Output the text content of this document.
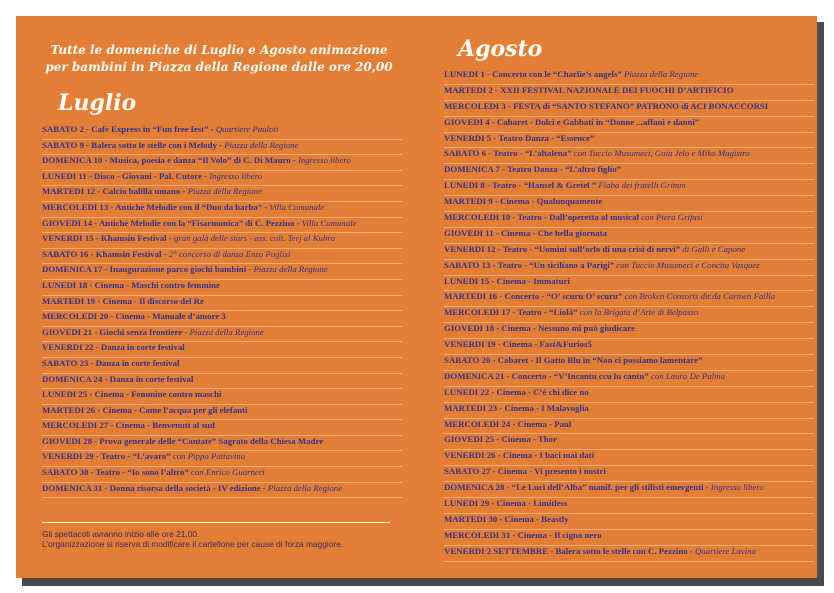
Tutte le domeniche di Luglio e Agosto animazione
per bambini in Piazza della Regione dalle ore 20,00
Luglio
Agosto
SABATO 2 - Cafe Express in “Fun free fest” - Quartiere Pauloti
SABATO 9 - Balera sotto le stelle con i Melody - Piazza della Regione
DOMENICA 10 - Musica, poesia e danza “Il Volo” di C. Di Mauro - Ingresso libero
LUNEDI 11 - Disco - Giovani - Pal. Cutore - Ingresso libero
MARTEDI 12 - Calcio balilla umano - Piazza della Regione
MERCOLEDI 13 - Antiche Melodie con il “Duo da barba” - Villa Comunale
GIOVEDI 14 - Antiche Melodie con la “Fisarmonica” di C. Pezzino - Villa Comunale
VENERDI 15 - Khamsin Festival - gran galà delle stars - ass. cult. Terj al Kubra
SABATO 16 - Khamsin Festival - 2° concorso di danza Enzo Puglisi
DOMENICA 17 - Inaugurazione parco giochi bambini - Piazza della Regione
LUNEDI 18 - Cinema - Maschi contro femmine
MARTEDI 19 - Cinema - Il discorso del Re
MERCOLEDI 20 - Cinema - Manuale d’amore 3
GIOVEDI 21 - Giochi senza frontiere - Piazza della Regione
VENERDI 22 - Danza in corte festival
SABATO 23 - Danza in corte festival
DOMENICA 24 - Danza in corte festival
LUNEDI 25 - Cinema - Femmine contro maschi
MARTEDI 26 - Cinema - Come l’acqua per gli elefanti
MERCOLEDI 27 - Cinema - Benvenuti al sud
GIOVEDI 28 - Prova generale delle “Cantate” Sagrato della Chiesa Madre
VENERDI 29 - Teatro - “L’avaro” con Pippo Pattavina
SABATO 30 - Teatro - “Io sono l’altro” con Enrico Guarneri
DOMENICA 31 - Donna risorsa della società - IV edizione - Piazza della Regione
LUNEDI 1 - Concerto con le “Charlie’s angels” Piazza della Regione
MARTEDI 2 - XXII FESTIVAL NAZIONALE DEI FUOCHI D’ARTIFICIO
MERCOLEDI 3 - FESTA di “SANTO STEFANO” PATRONO di ACI BONACCORSI
GIOVEDI 4 - Cabaret - Dolci e Gabbati in “Donne ...affani e danni”
VENERDI 5 - Teatro Danza - “Essence”
SABATO 6 - Teatro - “L’altalena” con Tuccio Musumeci, Guia Jelo e Miko Magistro
DOMENICA 7 - Teatro Danza - “L’altro figlio”
LUNEDI 8 - Teatro - “Hansel & Gretel ” Fiaba dei fratelli Grimm
MARTEDI 9 - Cinema - Qualunquamente
MERCOLEDI 10 - Teatro - Dall’operetta al musical con Piera Grifasi
GIOVEDI 11 - Cinema - Che bella giornata
VENERDI 12 - Teatro - “Uomini sull’orlo di una crisi di nervi” di Galli e Capone
SABATO 13 - Teatro - “Un siciliano a Parigi” con Tuccio Musumeci e Concita Vasquez
LUNEDI 15 - Cinema - Immaturi
MARTEDI 16 - Concerto - “O’ scuru O’ scuru” con Broken Consorts dir.da Carmen Failla
MERCOLEDI 17 - Teatro - “Liolà” con la Brigata d’Arte di Belpasso
GIOVEDI 18 - Cinema - Nessuno mi può giudicare
VENERDI 19 - Cinema - Fast&Furios5
SABATO 20 - Cabaret - Il Gatto Blu in “Non ci possiamo lamentare”
DOMENICA 21 - Concerto - “V’Incantu ccu lu cantu” con Laura De Palma
LUNEDI 22 - Cinema - C’è chi dice no
MARTEDI 23 - Cinema - I Malavoglia
MERCOLEDI 24 - Cinema - Paul
GIOVEDI 25 - Cinema - Thor
VENERDI 26 - Cinema - I baci mai dati
SABATO 27 - Cinema - Vi presento i nostri
DOMENICA 28 - “Le Luci dell’Alba” manif. per gli stilisti emergenti - Ingresso libero
LUNEDI 29 - Cinema - Limitless
MARTEDI 30 - Cinema - Beastly
MERCOLEDI 31 - Cinema - Il cigno nero
VENERDI 2 SETTEMBRE - Balera sotto le stelle con C. Pezzino - Quartiere Lavina
Gli spettacoli avranno inizio alle ore 21,00.
L’organizzazione si riserva di modificare il cartellone per cause di forza maggiore.
